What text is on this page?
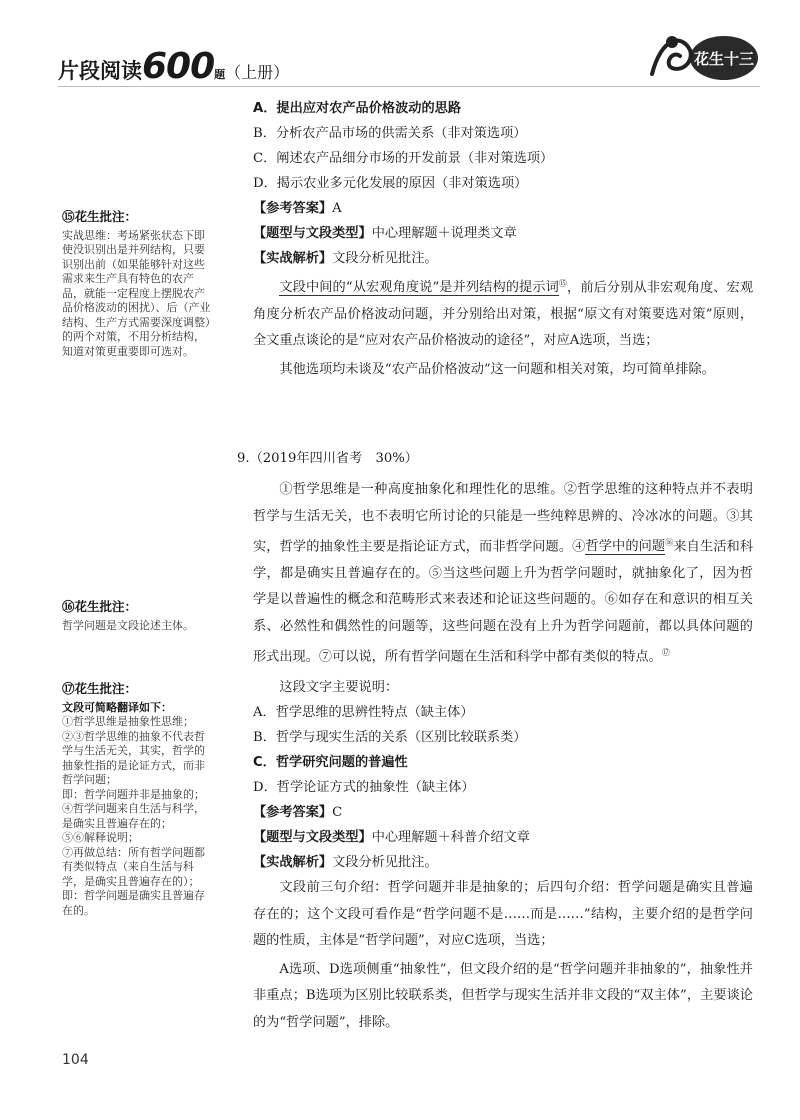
片段阅读600题（上册）
花生十三
A．提出应对农产品价格波动的思路
B．分析农产品市场的供需关系（非对策选项）
C．阐述农产品细分市场的开发前景（非对策选项）
D．揭示农业多元化发展的原因（非对策选项）
【参考答案】A
【题型与文段类型】中心理解题＋说理类文章
【实战解析】文段分析见批注。
文段中间的“从宏观角度说”是并列结构的提示词⑮，前后分别从非宏观角度、宏观角度分析农产品价格波动问题，并分别给出对策，根据“原文有对策要选对策”原则，全文重点谈论的是“应对农产品价格波动的途径”，对应A选项，当选；
其他选项均未谈及“农产品价格波动”这一问题和相关对策，均可简单排除。
9.（2019年四川省考　30%）
①哲学思维是一种高度抽象化和理性化的思维。②哲学思维的这种特点并不表明哲学与生活无关，也不表明它所讨论的只能是一些纯粹思辨的、冷冰冰的问题。③其实，哲学的抽象性主要是指论证方式，而非哲学问题。④哲学中的问题⑯来自生活和科学，都是确实且普遍存在的。⑤当这些问题上升为哲学问题时，就抽象化了，因为哲学是以普遍性的概念和范畴形式来表述和论证这些问题的。⑥如存在和意识的相互关系、必然性和偶然性的问题等，这些问题在没有上升为哲学问题前，都以具体问题的形式出现。⑦可以说，所有哲学问题在生活和科学中都有类似的特点。⑰
这段文字主要说明：
A．哲学思维的思辨性特点（缺主体）
B．哲学与现实生活的关系（区别比较联系类）
C．哲学研究问题的普遍性
D．哲学论证方式的抽象性（缺主体）
【参考答案】C
【题型与文段类型】中心理解题＋科普介绍文章
【实战解析】文段分析见批注。
文段前三句介绍：哲学问题并非是抽象的；后四句介绍：哲学问题是确实且普遍存在的；这个文段可看作是“哲学问题不是……而是……”结构，主要介绍的是哲学问题的性质，主体是“哲学问题”，对应C选项，当选；
A选项、D选项侧重“抽象性”，但文段介绍的是“哲学问题并非抽象的”，抽象性并非重点；B选项为区别比较联系类，但哲学与现实生活并非文段的“双主体”，主要谈论的为“哲学问题”，排除。
⑮花生批注：
实战思维：考场紧张状态下即使没识别出是并列结构，只要识别出前（如果能够针对这些需求来生产具有特色的农产品，就能一定程度上摆脱农产品价格波动的困扰）、后（产业结构、生产方式需要深度调整）的两个对策，不用分析结构，知道对策更重要即可选对。
⑯花生批注：
哲学问题是文段论述主体。
⑰花生批注：
文段可简略翻译如下：
①哲学思维是抽象性思维；
②③哲学思维的抽象不代表哲学与生活无关，其实，哲学的抽象性指的是论证方式，而非哲学问题；
即：哲学问题并非是抽象的；
④哲学问题来自生活与科学，是确实且普遍存在的；
⑤⑥解释说明；
⑦再做总结：所有哲学问题都有类似特点（来自生活与科学，是确实且普遍存在的）；
即：哲学问题是确实且普遍存在的。
104
